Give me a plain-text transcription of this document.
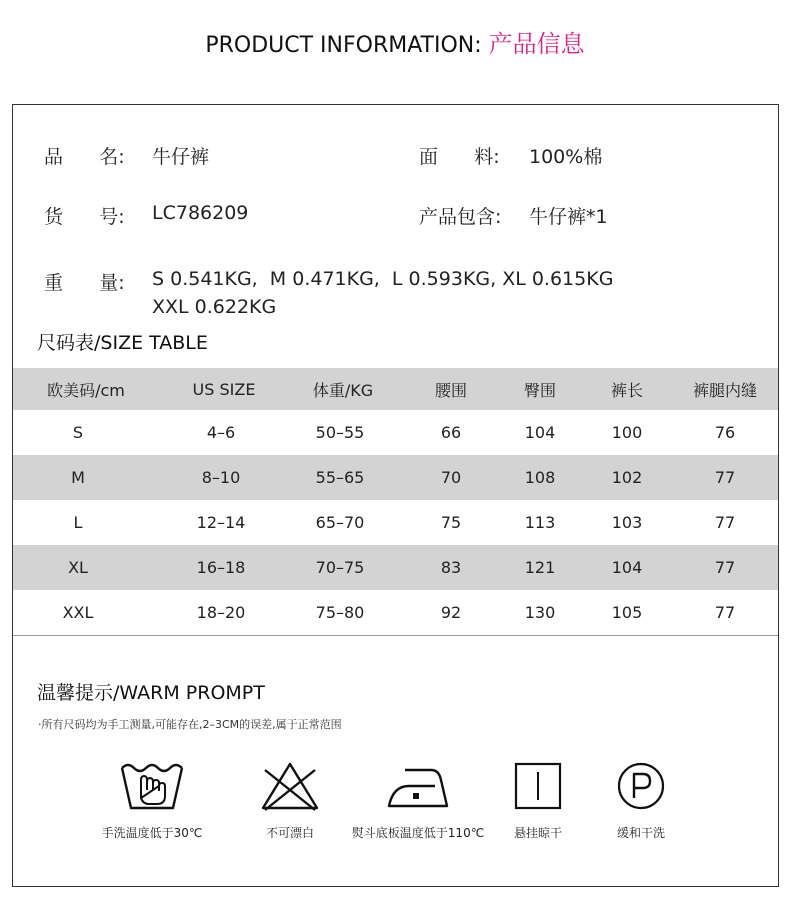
PRODUCT INFORMATION: 产品信息
品      名: 牛仔裤	面      料: 100%棉
货      号: LC786209	产品包含: 牛仔裤*1
重      量: S 0.541KG,  M 0.471KG,  L 0.593KG, XL 0.615KG
XXL 0.622KG
尺码表/SIZE TABLE
欧美码/cm	US SIZE	体重/KG	腰围	臀围	裤长	裤腿内缝
S	4–6	50–55	66	104	100	76
M	8–10	55–65	70	108	102	77
L	12–14	65–70	75	113	103	77
XL	16–18	70–75	83	121	104	77
XXL	18–20	75–80	92	130	105	77
温馨提示/WARM PROMPT
·所有尺码均为手工测量,可能存在,2–3CM的误差,属于正常范围
手洗温度低于30℃	不可漂白	熨斗底板温度低于110℃	悬挂晾干	缓和干洗
